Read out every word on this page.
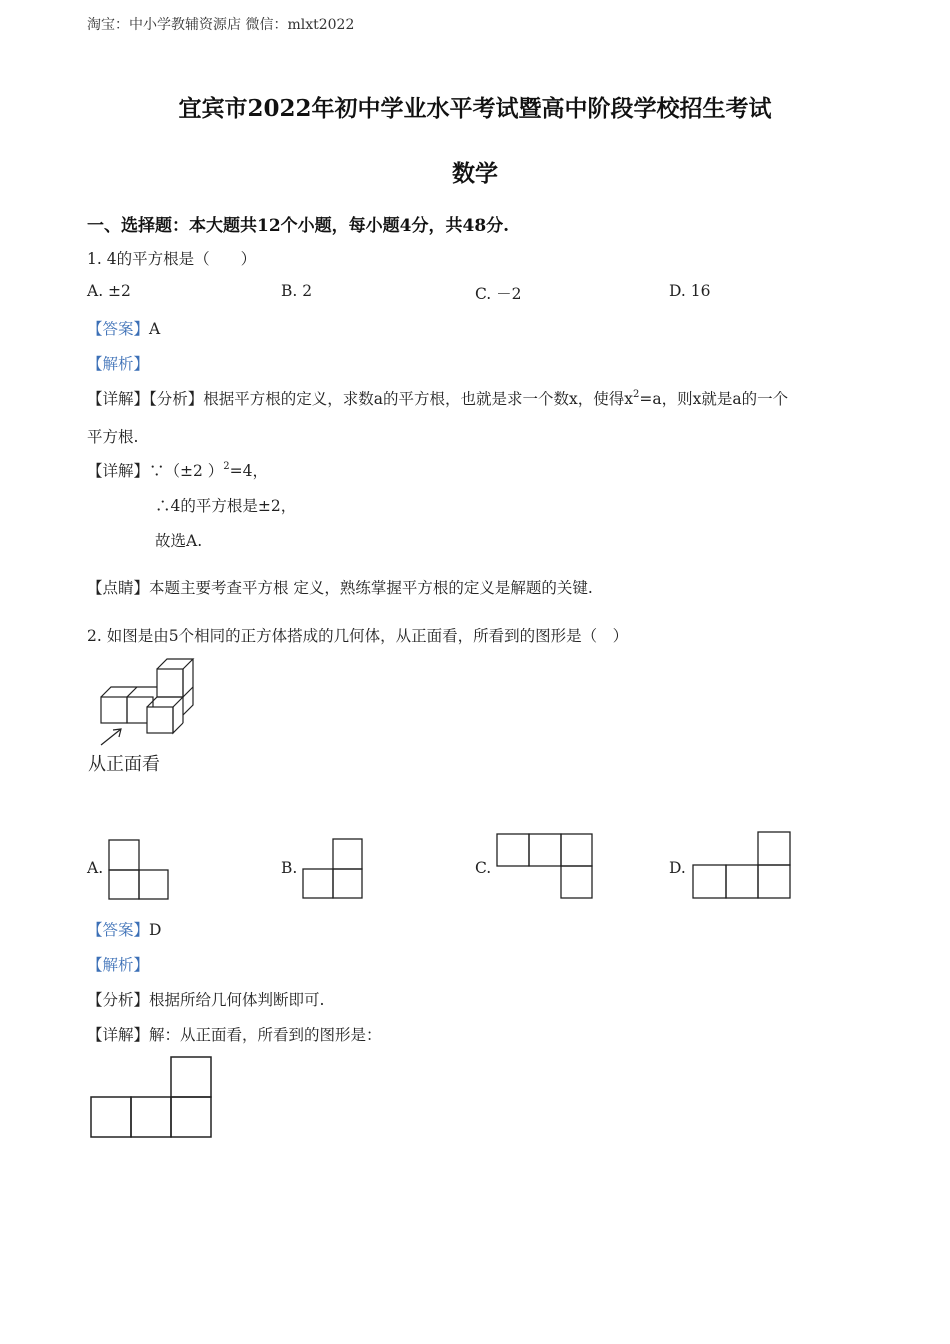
淘宝：中小学教辅资源店 微信：mlxt2022
宜宾市2022年初中学业水平考试暨高中阶段学校招生考试
数学
一、选择题：本大题共12个小题，每小题4分，共48分.
1. 4的平方根是（　　）
A. ±2	B. 2	C. －2	D. 16
【答案】A
【解析】
【详解】【分析】根据平方根的定义，求数a的平方根，也就是求一个数x，使得$x^2=a$，则x就是a的一个
平方根.
【详解】∵（±2 ）$^2$=4，
∴4的平方根是±2，
故选A.
【点睛】本题主要考查平方根 定义，熟练掌握平方根的定义是解题的关键.
2. 如图是由5个相同的正方体搭成的几何体，从正面看，所看到的图形是（　）
从正面看
A.	B.	C.	D.
【答案】D
【解析】
【分析】根据所给几何体判断即可.
【详解】解：从正面看，所看到的图形是：
